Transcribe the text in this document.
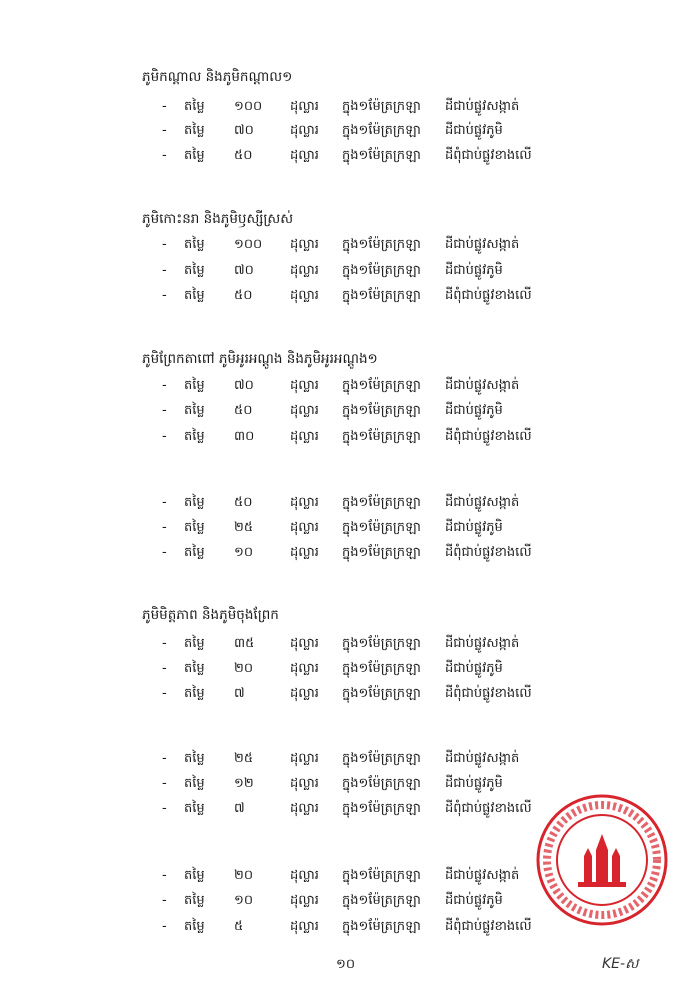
ភូមិកណ្ដាល និងភូមិកណ្ដាល១
- តម្លៃ ១០០	ដុល្លារ ក្នុង១ម៉ែត្រក្រឡា ដីជាប់ផ្លូវសង្កាត់
- តម្លៃ ៧០	ដុល្លារ ក្នុង១ម៉ែត្រក្រឡា ដីជាប់ផ្លូវភូមិ
- តម្លៃ ៥០	ដុល្លារ ក្នុង១ម៉ែត្រក្រឡា ដីពុំជាប់ផ្លូវខាងលើ
ភូមិកោះនរា និងភូមិឫស្សីស្រស់
- តម្លៃ ១០០	ដុល្លារ ក្នុង១ម៉ែត្រក្រឡា ដីជាប់ផ្លូវសង្កាត់
- តម្លៃ ៧០	ដុល្លារ ក្នុង១ម៉ែត្រក្រឡា ដីជាប់ផ្លូវភូមិ
- តម្លៃ ៥០	ដុល្លារ ក្នុង១ម៉ែត្រក្រឡា ដីពុំជាប់ផ្លូវខាងលើ
ភូមិព្រែកតាពៅ ភូមិអូរអណ្ដូង និងភូមិអូរអណ្ដូង១
- តម្លៃ ៧០	ដុល្លារ ក្នុង១ម៉ែត្រក្រឡា ដីជាប់ផ្លូវសង្កាត់
- តម្លៃ ៥០	ដុល្លារ ក្នុង១ម៉ែត្រក្រឡា ដីជាប់ផ្លូវភូមិ
- តម្លៃ ៣០	ដុល្លារ ក្នុង១ម៉ែត្រក្រឡា ដីពុំជាប់ផ្លូវខាងលើ
- តម្លៃ ៥០	ដុល្លារ ក្នុង១ម៉ែត្រក្រឡា ដីជាប់ផ្លូវសង្កាត់
- តម្លៃ ២៥	ដុល្លារ ក្នុង១ម៉ែត្រក្រឡា ដីជាប់ផ្លូវភូមិ
- តម្លៃ ១០	ដុល្លារ ក្នុង១ម៉ែត្រក្រឡា ដីពុំជាប់ផ្លូវខាងលើ
ភូមិមិត្តភាព និងភូមិចុងព្រែក
- តម្លៃ ៣៥	ដុល្លារ ក្នុង១ម៉ែត្រក្រឡា ដីជាប់ផ្លូវសង្កាត់
- តម្លៃ ២០	ដុល្លារ ក្នុង១ម៉ែត្រក្រឡា ដីជាប់ផ្លូវភូមិ
- តម្លៃ ៧	ដុល្លារ ក្នុង១ម៉ែត្រក្រឡា ដីពុំជាប់ផ្លូវខាងលើ
- តម្លៃ ២៥	ដុល្លារ ក្នុង១ម៉ែត្រក្រឡា ដីជាប់ផ្លូវសង្កាត់
- តម្លៃ ១២	ដុល្លារ ក្នុង១ម៉ែត្រក្រឡា ដីជាប់ផ្លូវភូមិ
- តម្លៃ ៧	ដុល្លារ ក្នុង១ម៉ែត្រក្រឡា ដីពុំជាប់ផ្លូវខាងលើ
- តម្លៃ ២០	ដុល្លារ ក្នុង១ម៉ែត្រក្រឡា ដីជាប់ផ្លូវសង្កាត់
- តម្លៃ ១០	ដុល្លារ ក្នុង១ម៉ែត្រក្រឡា ដីជាប់ផ្លូវភូមិ
- តម្លៃ ៥	ដុល្លារ ក្នុង១ម៉ែត្រក្រឡា ដីពុំជាប់ផ្លូវខាងលើ
១០	KE-ស
